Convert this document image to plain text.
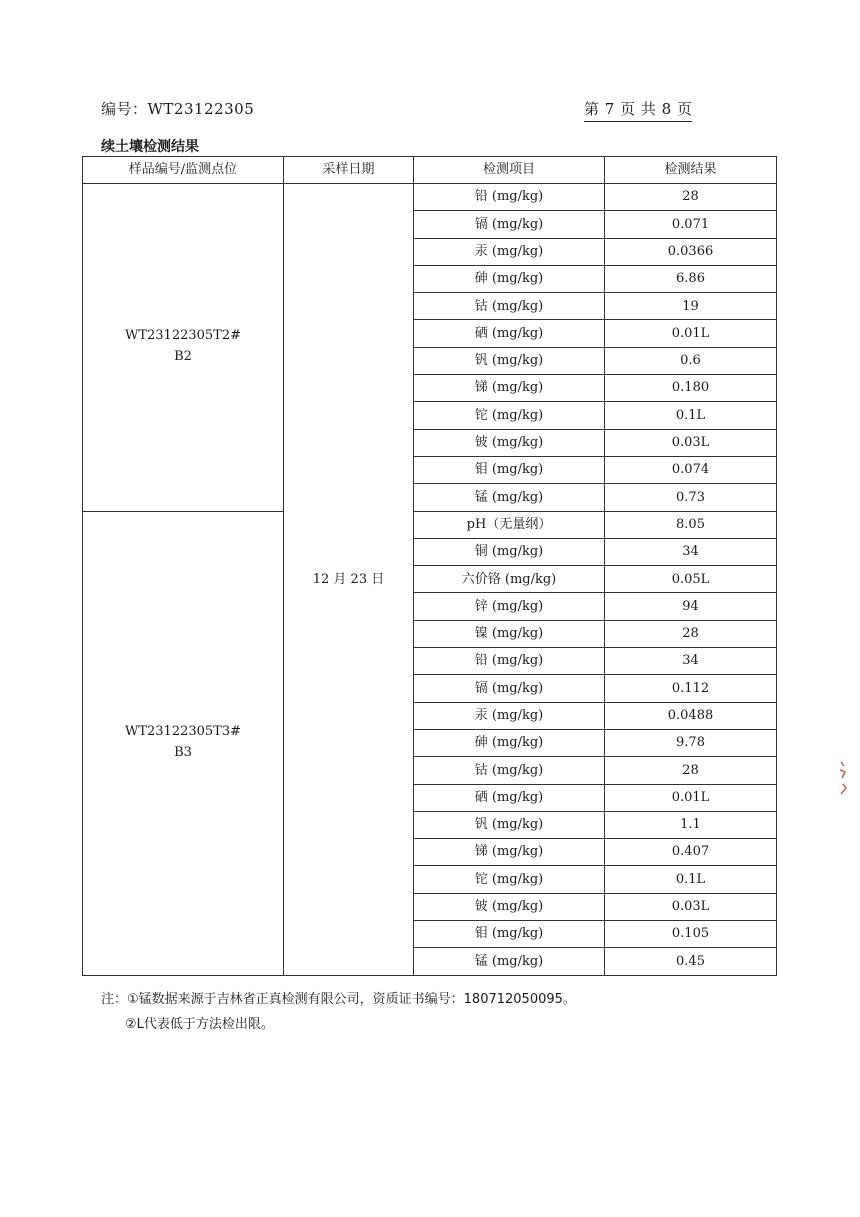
编号：WT23122305	第 7 页 共 8 页
续土壤检测结果
样品编号/监测点位	采样日期	检测项目	检测结果

WT23122305T2#
B2	12 月 23 日	铅 (mg/kg)	28
		镉 (mg/kg)	0.071
		汞 (mg/kg)	0.0366
		砷 (mg/kg)	6.86
		钴 (mg/kg)	19
		硒 (mg/kg)	0.01L
		钒 (mg/kg)	0.6
		锑 (mg/kg)	0.180
		铊 (mg/kg)	0.1L
		铍 (mg/kg)	0.03L
		钼 (mg/kg)	0.074
		锰 (mg/kg)	0.73

WT23122305T3#
B3		pH（无量纲）	8.05
		铜 (mg/kg)	34
		六价铬 (mg/kg)	0.05L
		锌 (mg/kg)	94
		镍 (mg/kg)	28
		铅 (mg/kg)	34
		镉 (mg/kg)	0.112
		汞 (mg/kg)	0.0488
		砷 (mg/kg)	9.78
		钴 (mg/kg)	28
		硒 (mg/kg)	0.01L
		钒 (mg/kg)	1.1
		锑 (mg/kg)	0.407
		铊 (mg/kg)	0.1L
		铍 (mg/kg)	0.03L
		钼 (mg/kg)	0.105
		锰 (mg/kg)	0.45
注：①锰数据来源于吉林省正真检测有限公司，资质证书编号：180712050095。
②L代表低于方法检出限。
